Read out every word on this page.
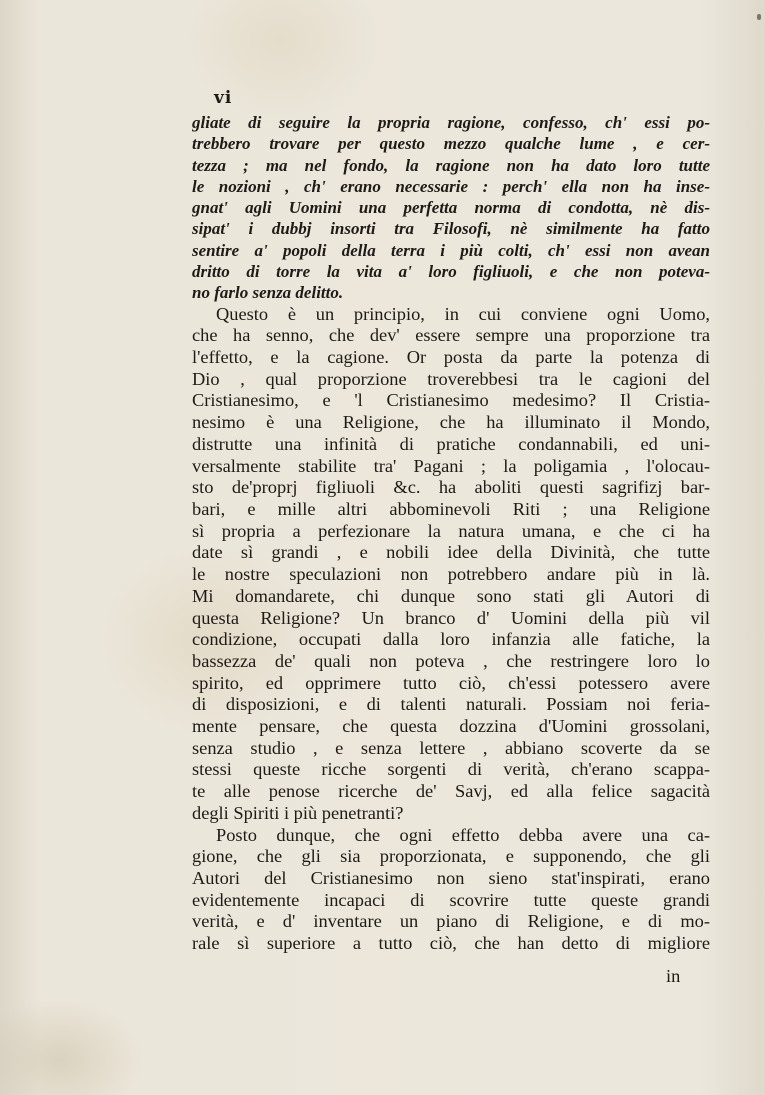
vi
gliate di seguire la propria ragione, confesso, ch' essi po-
trebbero trovare per questo mezzo qualche lume , e cer-
tezza ; ma nel fondo, la ragione non ha dato loro tutte
le nozioni , ch' erano necessarie : perch' ella non ha inse-
gnat' agli Uomini una perfetta norma di condotta, nè dis-
sipat' i dubbj insorti tra Filosofi, nè similmente ha fatto
sentire a' popoli della terra i più colti, ch' essi non avean
dritto di torre la vita a' loro figliuoli, e che non poteva-
no farlo senza delitto.
Questo è un principio, in cui conviene ogni Uomo,
che ha senno, che dev' essere sempre una proporzione tra
l'effetto, e la cagione. Or posta da parte la potenza di
Dio , qual proporzione troverebbesi tra le cagioni del
Cristianesimo, e 'l Cristianesimo medesimo? Il Cristia-
nesimo è una Religione, che ha illuminato il Mondo,
distrutte una infinità di pratiche condannabili, ed uni-
versalmente stabilite tra' Pagani ; la poligamia , l'olocau-
sto de'proprj figliuoli &c. ha aboliti questi sagrifizj bar-
bari, e mille altri abbominevoli Riti ; una Religione
sì propria a perfezionare la natura umana, e che ci ha
date sì grandi , e nobili idee della Divinità, che tutte
le nostre speculazioni non potrebbero andare più in là.
Mi domandarete, chi dunque sono stati gli Autori di
questa Religione? Un branco d' Uomini della più vil
condizione, occupati dalla loro infanzia alle fatiche, la
bassezza de' quali non poteva , che restringere loro lo
spirito, ed opprimere tutto ciò, ch'essi potessero avere
di disposizioni, e di talenti naturali. Possiam noi feria-
mente pensare, che questa dozzina d'Uomini grossolani,
senza studio , e senza lettere , abbiano scoverte da se
stessi queste ricche sorgenti di verità, ch'erano scappa-
te alle penose ricerche de' Savj, ed alla felice sagacità
degli Spiriti i più penetranti?
Posto dunque, che ogni effetto debba avere una ca-
gione, che gli sia proporzionata, e supponendo, che gli
Autori del Cristianesimo non sieno stat'inspirati, erano
evidentemente incapaci di scovrire tutte queste grandi
verità, e d' inventare un piano di Religione, e di mo-
rale sì superiore a tutto ciò, che han detto di migliore
in
